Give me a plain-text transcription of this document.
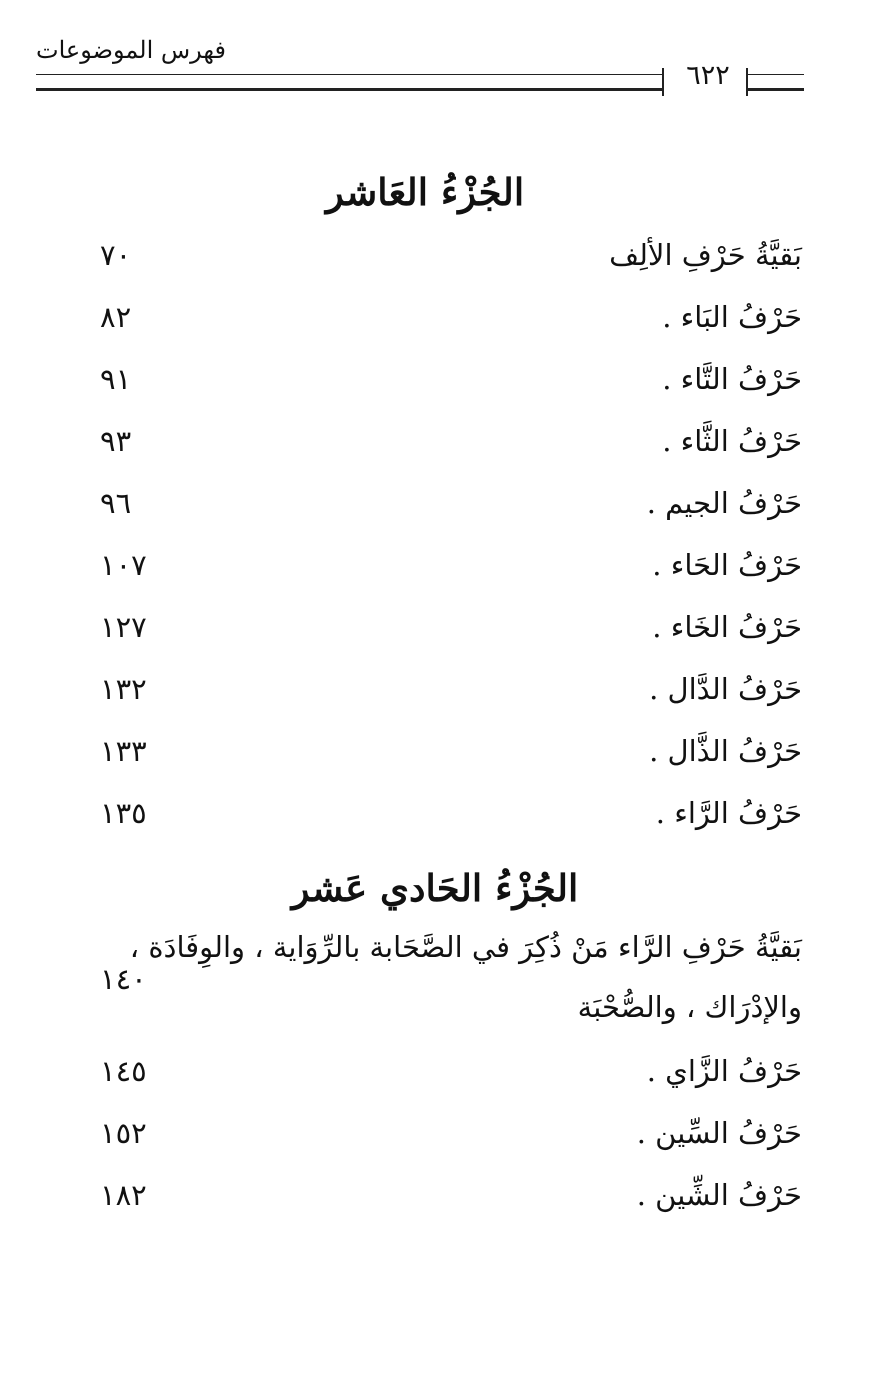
فهرس الموضوعات
٦٢٢
الجُزْءُ العَاشر
بَقيَّةُ حَرْفِ الألِف
٧٠
حَرْفُ البَاء .
٨٢
حَرْفُ التَّاء .
٩١
حَرْفُ الثَّاء .
٩٣
حَرْفُ الجيم .
٩٦
حَرْفُ الحَاء .
١٠٧
حَرْفُ الخَاء .
١٢٧
حَرْفُ الدَّال .
١٣٢
حَرْفُ الذَّال .
١٣٣
حَرْفُ الرَّاء .
١٣٥
الجُزْءُ الحَادي عَشر
بَقيَّةُ حَرْفِ الرَّاء مَنْ ذُكِرَ في الصَّحَابة بالرِّوَاية ، والوِفَادَة ،
١٤٠
والإدْرَاك ، والصُّحْبَة
حَرْفُ الزَّاي .
١٤٥
حَرْفُ السِّين .
١٥٢
حَرْفُ الشِّين .
١٨٢
